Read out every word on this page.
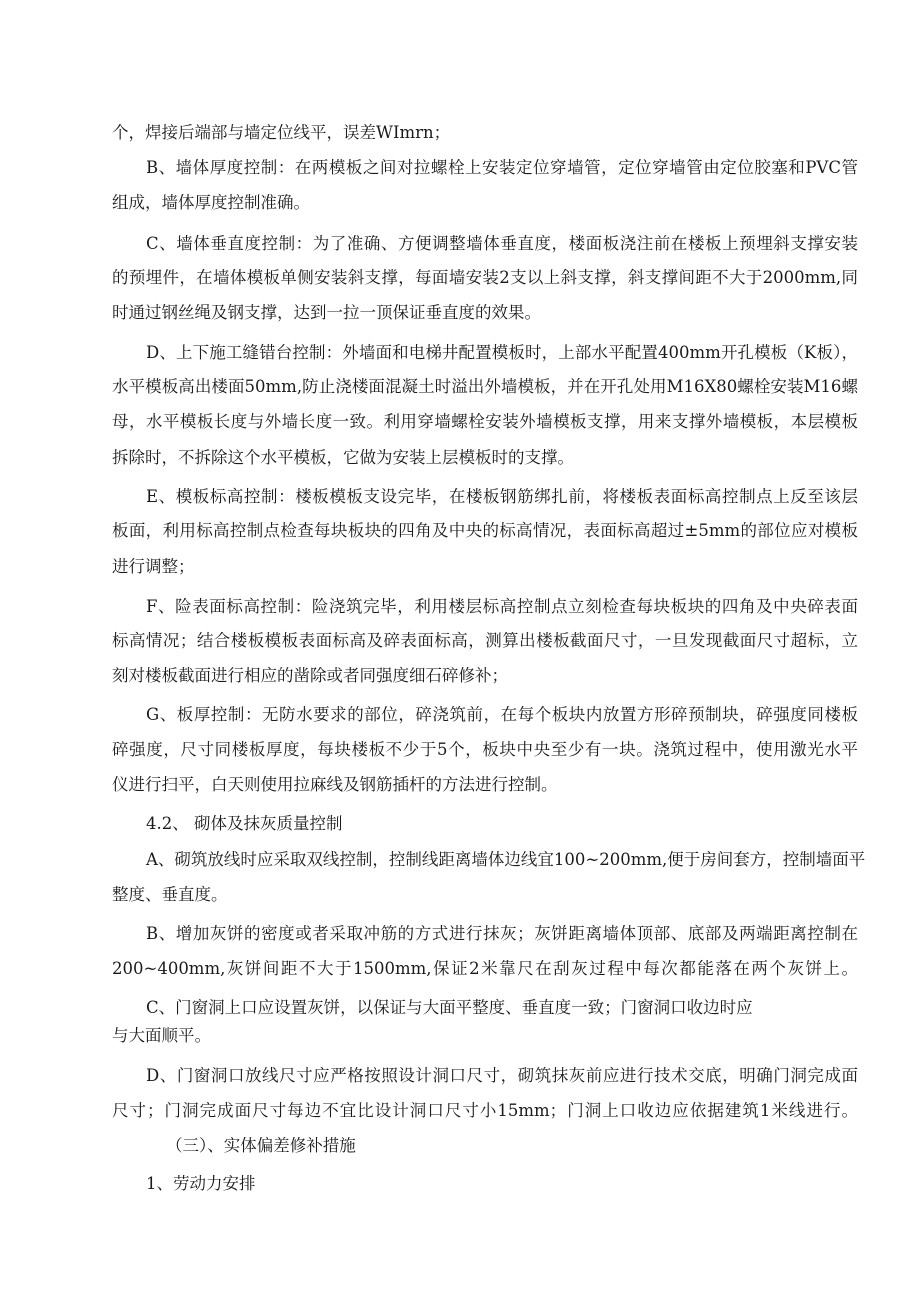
个，焊接后端部与墙定位线平，误差WImrn；
B、墙体厚度控制：在两模板之间对拉螺栓上安装定位穿墙管，定位穿墙管由定位胶塞和PVC管
组成，墙体厚度控制准确。
C、墙体垂直度控制：为了准确、方便调整墙体垂直度，楼面板浇注前在楼板上预埋斜支撑安装
的预埋件，在墙体模板单侧安装斜支撑，每面墙安装2支以上斜支撑，斜支撑间距不大于2000mm,同
时通过钢丝绳及钢支撑，达到一拉一顶保证垂直度的效果。
D、上下施工缝错台控制：外墙面和电梯井配置模板时，上部水平配置400mm开孔模板（K板），
水平模板高出楼面50mm,防止浇楼面混凝土时溢出外墙模板，并在开孔处用M16X80螺栓安装M16螺
母，水平模板长度与外墙长度一致。利用穿墙螺栓安装外墙模板支撑，用来支撑外墙模板，本层模板
拆除时，不拆除这个水平模板，它做为安装上层模板时的支撑。
E、模板标高控制：楼板模板支设完毕，在楼板钢筋绑扎前，将楼板表面标高控制点上反至该层
板面，利用标高控制点检查每块板块的四角及中央的标高情况，表面标高超过±5mm的部位应对模板
进行调整；
F、险表面标高控制：险浇筑完毕，利用楼层标高控制点立刻检查每块板块的四角及中央碎表面
标高情况；结合楼板模板表面标高及碎表面标高，测算出楼板截面尺寸，一旦发现截面尺寸超标，立
刻对楼板截面进行相应的凿除或者同强度细石碎修补；
G、板厚控制：无防水要求的部位，碎浇筑前，在每个板块内放置方形碎预制块，碎强度同楼板
碎强度，尺寸同楼板厚度，每块楼板不少于5个，板块中央至少有一块。浇筑过程中，使用激光水平
仪进行扫平，白天则使用拉麻线及钢筋插杆的方法进行控制。
4.2、 砌体及抹灰质量控制
A、砌筑放线时应采取双线控制，控制线距离墙体边线宜100~200mm,便于房间套方，控制墙面平
整度、垂直度。
B、增加灰饼的密度或者采取冲筋的方式进行抹灰；灰饼距离墙体顶部、底部及两端距离控制在
200~400mm,灰饼间距不大于1500mm,保证2米靠尺在刮灰过程中每次都能落在两个灰饼上。
C、门窗洞上口应设置灰饼，以保证与大面平整度、垂直度一致；门窗洞口收边时应
与大面顺平。
D、门窗洞口放线尺寸应严格按照设计洞口尺寸，砌筑抹灰前应进行技术交底，明确门洞完成面
尺寸；门洞完成面尺寸每边不宜比设计洞口尺寸小15mm；门洞上口收边应依据建筑1米线进行。
（三）、实体偏差修补措施
1、劳动力安排
